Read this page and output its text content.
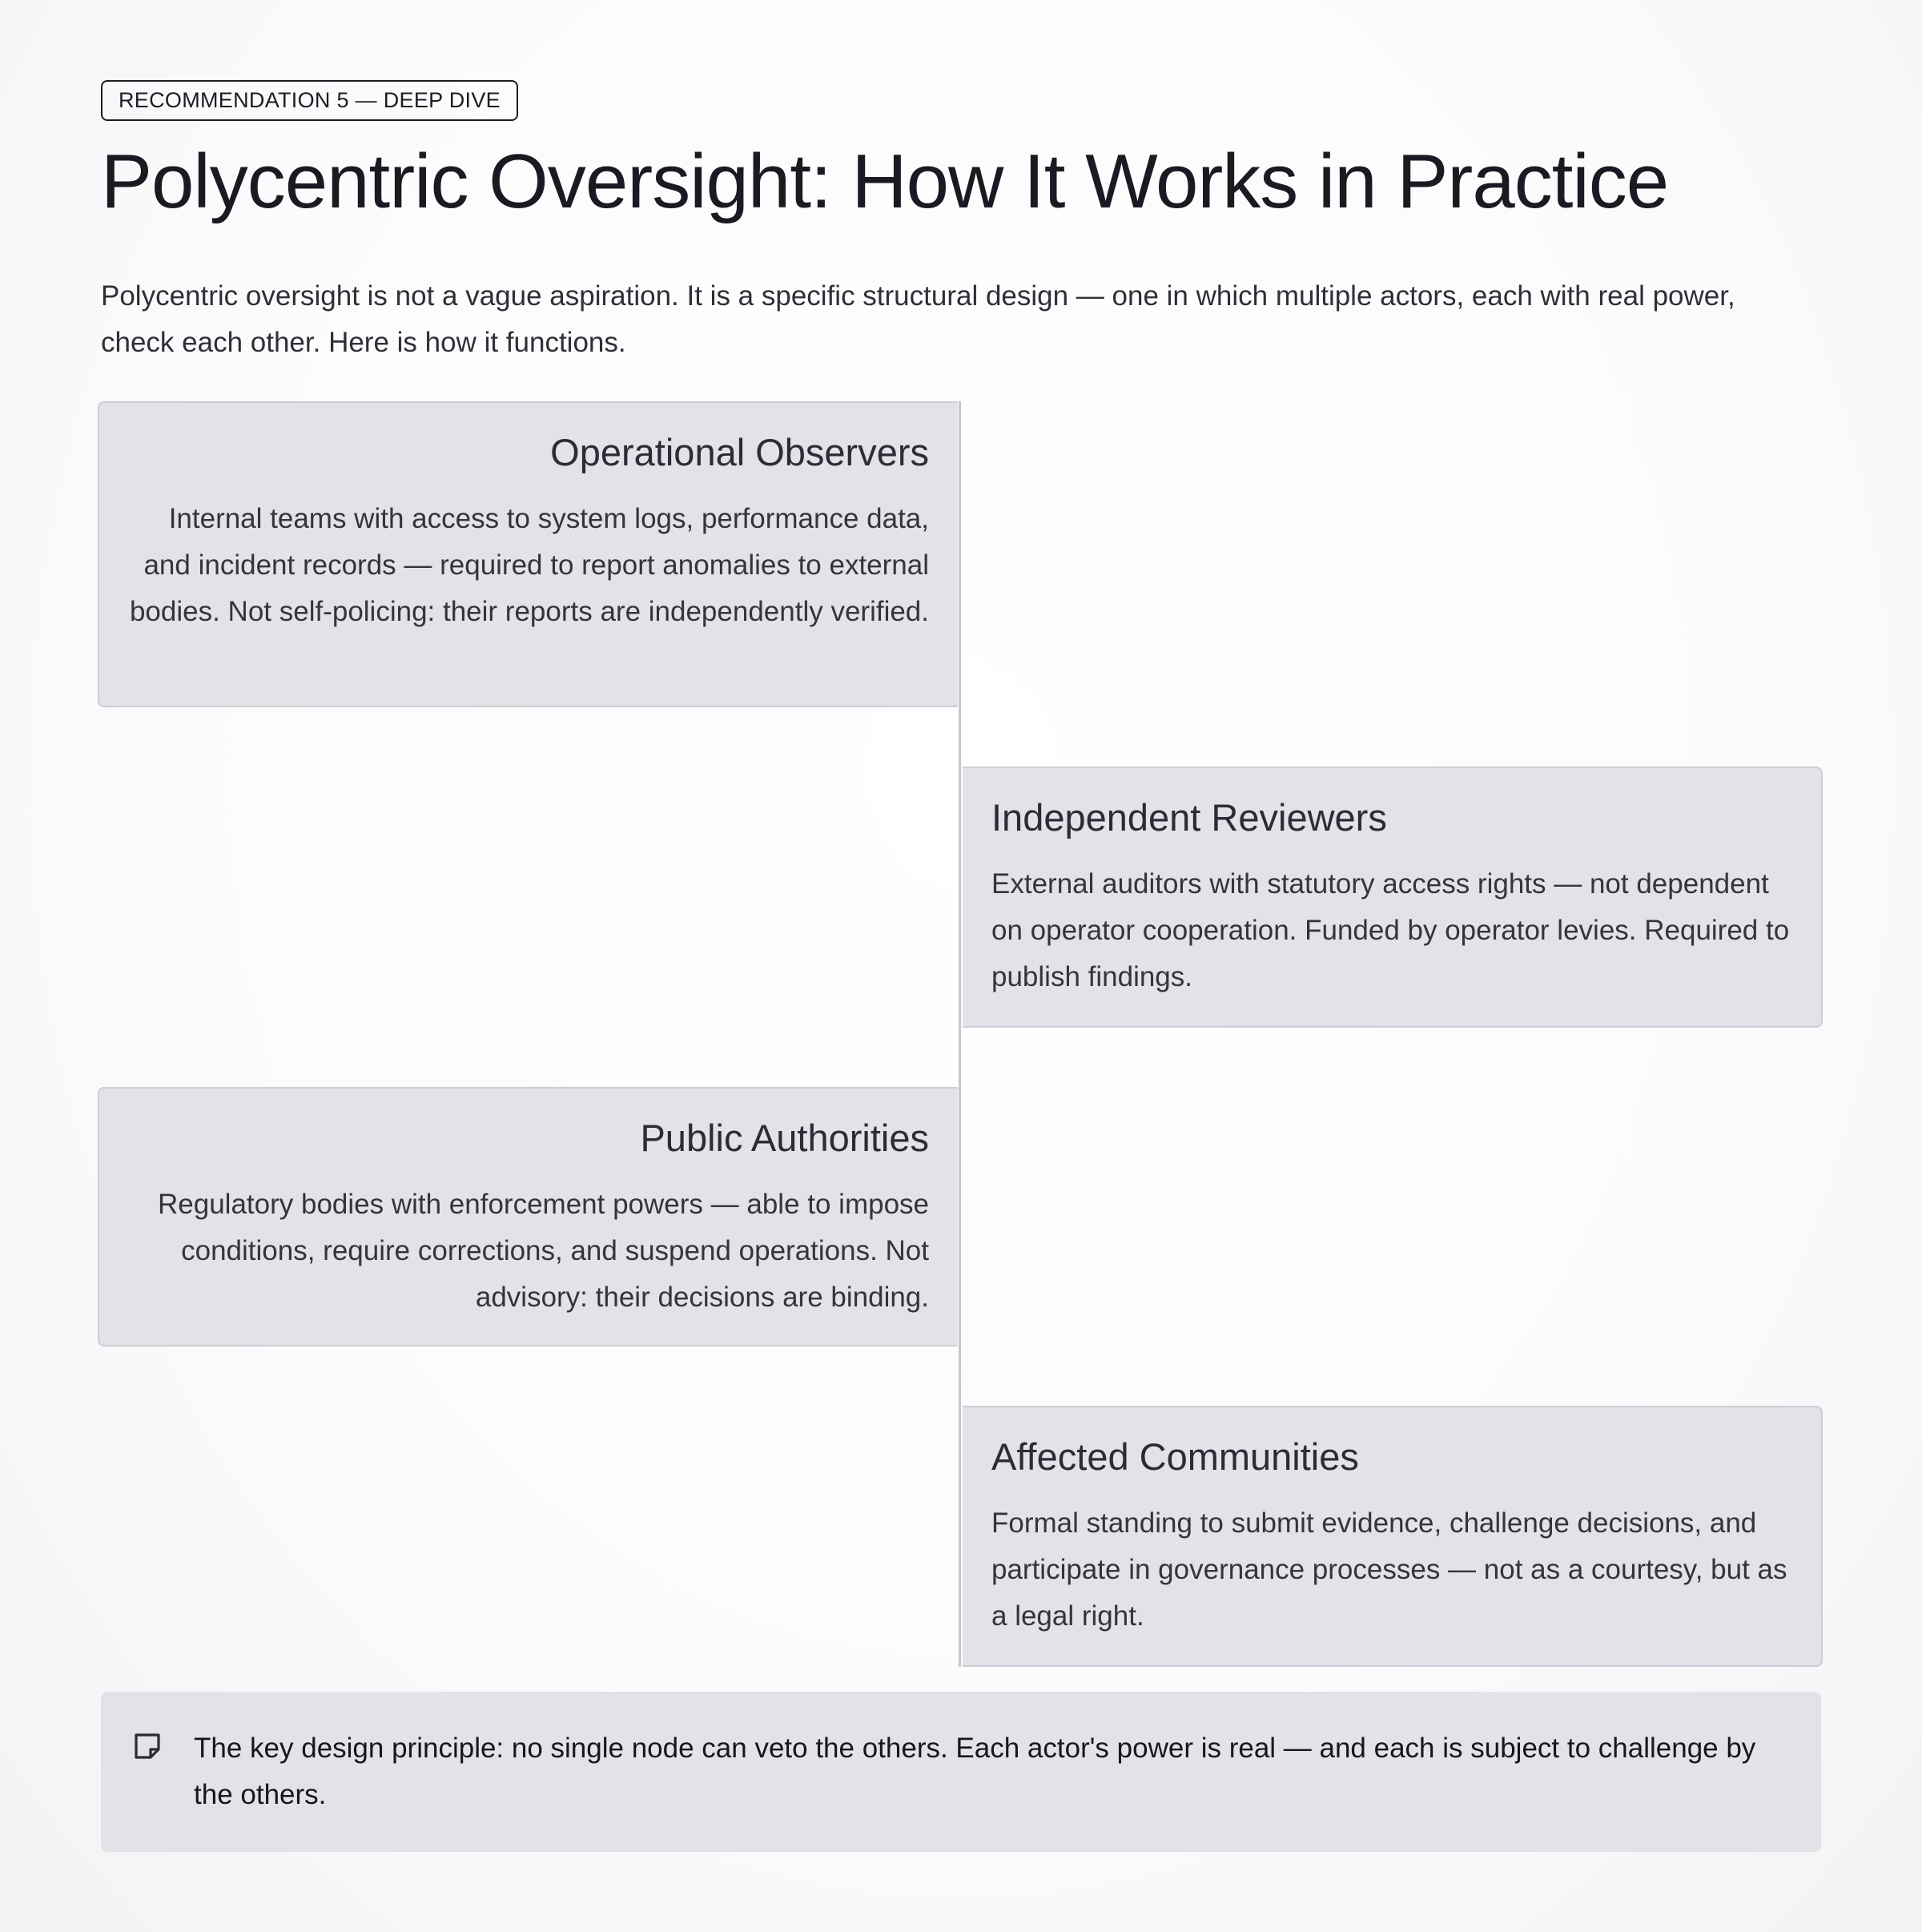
RECOMMENDATION 5 — DEEP DIVE
Polycentric Oversight: How It Works in Practice

Polycentric oversight is not a vague aspiration. It is a specific structural design — one in which multiple actors, each with real power, check each other. Here is how it functions.

Operational Observers

Internal teams with access to system logs, performance data, and incident records — required to report anomalies to external bodies. Not self-policing: their reports are independently verified.

Independent Reviewers

External auditors with statutory access rights — not dependent on operator cooperation. Funded by operator levies. Required to publish findings.

Public Authorities

Regulatory bodies with enforcement powers — able to impose conditions, require corrections, and suspend operations. Not advisory: their decisions are binding.

Affected Communities

Formal standing to submit evidence, challenge decisions, and participate in governance processes — not as a courtesy, but as a legal right.

The key design principle: no single node can veto the others. Each actor's power is real — and each is subject to challenge by the others.
